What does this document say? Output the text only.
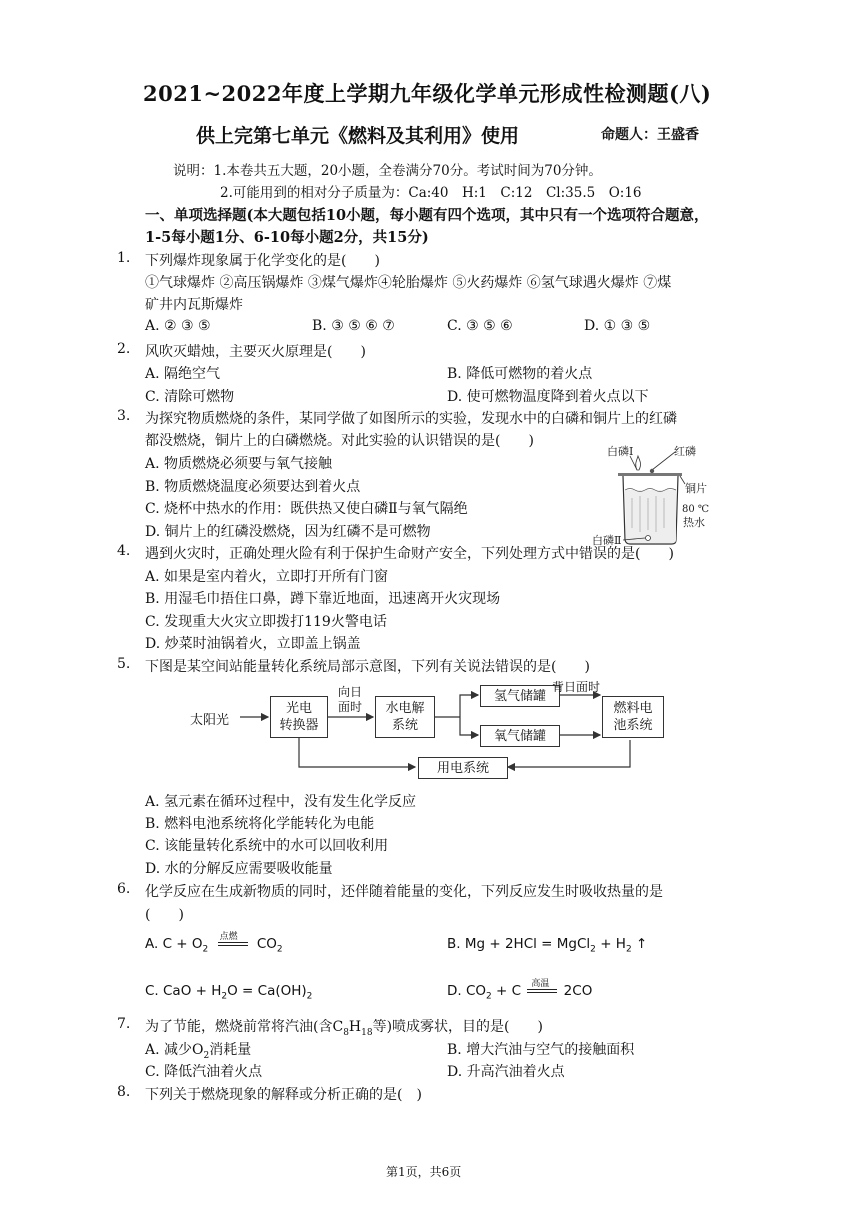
2021~2022年度上学期九年级化学单元形成性检测题(八)
供上完第七单元《燃料及其利用》使用	命题人：王盛香
说明：1.本卷共五大题，20小题，全卷满分70分。考试时间为70分钟。
2.可能用到的相对分子质量为：Ca:40　H:1　C:12　Cl:35.5　O:16
一、单项选择题(本大题包括10小题，每小题有四个选项，其中只有一个选项符合题意，
1-5每小题1分、6-10每小题2分，共15分)
1. 下列爆炸现象属于化学变化的是(　　)
①气球爆炸 ②高压锅爆炸 ③煤气爆炸④轮胎爆炸 ⑤火药爆炸 ⑥氢气球遇火爆炸 ⑦煤
矿井内瓦斯爆炸
A. ② ③ ⑤	B. ③ ⑤ ⑥ ⑦	C. ③ ⑤ ⑥	D. ① ③ ⑤
2. 风吹灭蜡烛，主要灭火原理是(　　)
A. 隔绝空气	B. 降低可燃物的着火点
C. 清除可燃物	D. 使可燃物温度降到着火点以下
3. 为探究物质燃烧的条件，某同学做了如图所示的实验，发现水中的白磷和铜片上的红磷
都没燃烧，铜片上的白磷燃烧。对此实验的认识错误的是(　　)
A. 物质燃烧必须要与氧气接触
B. 物质燃烧温度必须要达到着火点
C. 烧杯中热水的作用：既供热又使白磷Ⅱ与氧气隔绝
D. 铜片上的红磷没燃烧，因为红磷不是可燃物
白磷Ⅰ	红磷
铜片
80 ℃
热水
白磷Ⅱ
4. 遇到火灾时，正确处理火险有利于保护生命财产安全，下列处理方式中错误的是(　　)
A. 如果是室内着火，立即打开所有门窗
B. 用湿毛巾捂住口鼻，蹲下靠近地面，迅速离开火灾现场
C. 发现重大火灾立即拨打119火警电话
D. 炒菜时油锅着火，立即盖上锅盖
5. 下图是某空间站能量转化系统局部示意图，下列有关说法错误的是(　　)
太阳光
光电
转换器
向日
面时 水电解
系统
氢气储罐
氧气储罐
背日面时
燃料电
池系统
用电系统
A. 氢元素在循环过程中，没有发生化学反应
B. 燃料电池系统将化学能转化为电能
C. 该能量转化系统中的水可以回收利用
D. 水的分解反应需要吸收能量
6. 化学反应在生成新物质的同时，还伴随着能量的变化，下列反应发生时吸收热量的是
(　　)
A. $C + O_2$
点燃 $CO_2$	B. Mg + 2HCl = MgCl$_2$ + $H_2$ ↑
C. CaO + $H_2O = Ca(OH)_2$	D. $CO_2 + C$ 高温 2CO
7. 为了节能，燃烧前常将汽油(含$C_8H_{18}$等)喷成雾状，目的是(　　)
A. 减少$O_2$消耗量	B. 增大汽油与空气的接触面积
C. 降低汽油着火点	D. 升高汽油着火点
8. 下列关于燃烧现象的解释或分析正确的是(　)
第1页，共6页
